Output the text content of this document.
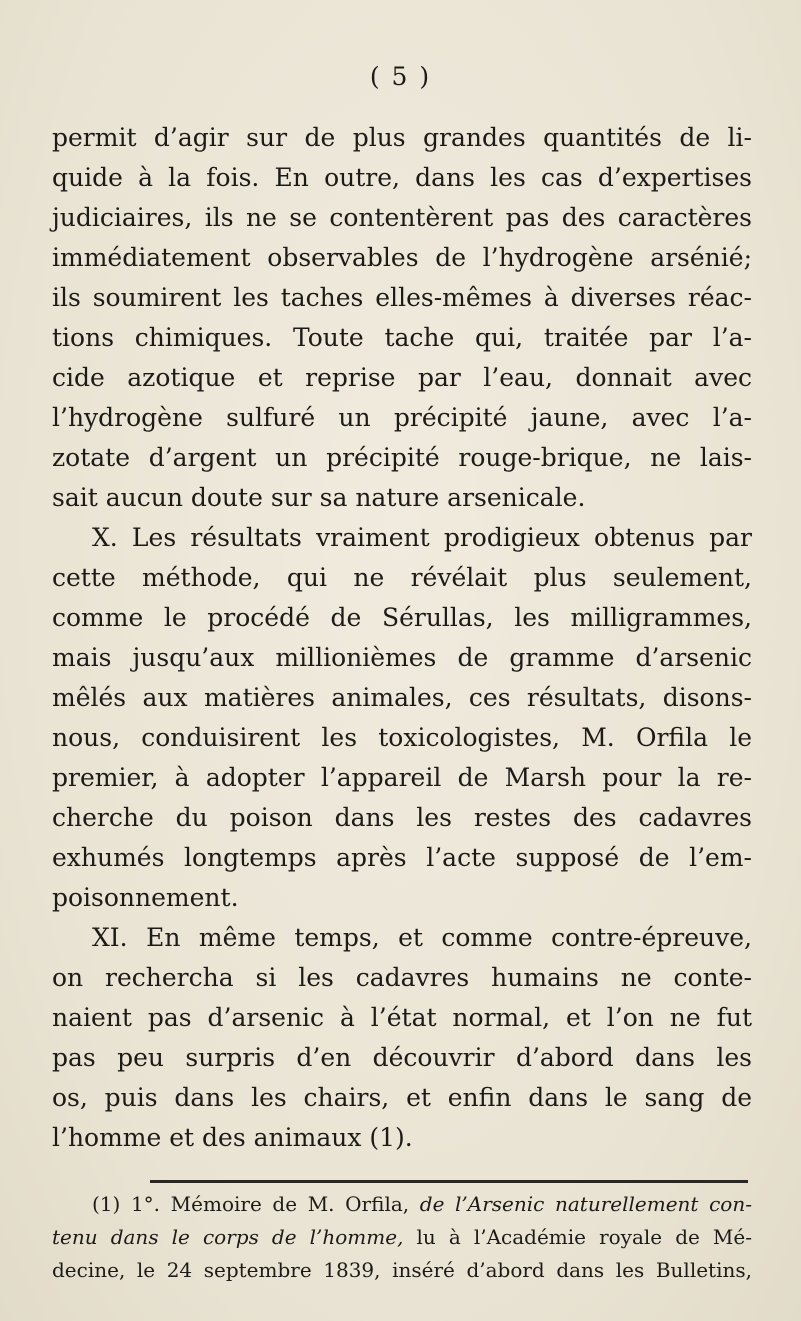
( 5 )
permit d’agir sur de plus grandes quantités de li-
quide à la fois. En outre, dans les cas d’expertises
judiciaires, ils ne se contentèrent pas des caractères
immédiatement observables de l’hydrogène arsénié;
ils soumirent les taches elles-mêmes à diverses réac-
tions chimiques. Toute tache qui, traitée par l’a-
cide azotique et reprise par l’eau, donnait avec
l’hydrogène sulfuré un précipité jaune, avec l’a-
zotate d’argent un précipité rouge-brique, ne lais-
sait aucun doute sur sa nature arsenicale.
X. Les résultats vraiment prodigieux obtenus par
cette méthode, qui ne révélait plus seulement,
comme le procédé de Sérullas, les milligrammes,
mais jusqu’aux millionièmes de gramme d’arsenic
mêlés aux matières animales, ces résultats, disons-
nous, conduisirent les toxicologistes, M. Orfila le
premier, à adopter l’appareil de Marsh pour la re-
cherche du poison dans les restes des cadavres
exhumés longtemps après l’acte supposé de l’em-
poisonnement.
XI. En même temps, et comme contre-épreuve,
on rechercha si les cadavres humains ne conte-
naient pas d’arsenic à l’état normal, et l’on ne fut
pas peu surpris d’en découvrir d’abord dans les
os, puis dans les chairs, et enfin dans le sang de
l’homme et des animaux (1).
(1) 1°. Mémoire de M. Orfila, de l’Arsenic naturellement con-
tenu dans le corps de l’homme, lu à l’Académie royale de Mé-
decine, le 24 septembre 1839, inséré d’abord dans les Bulletins,
